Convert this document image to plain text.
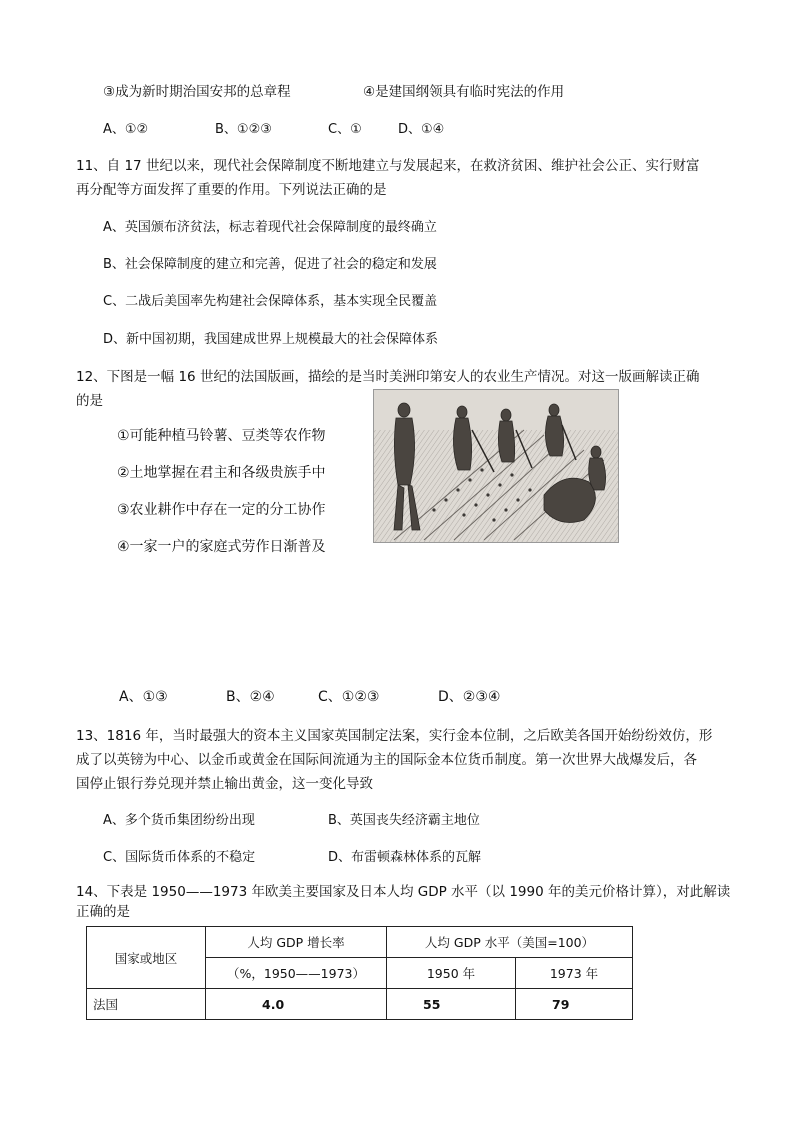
③成为新时期治国安邦的总章程	④是建国纲领具有临时宪法的作用
A、①②	B、①②③	C、①	D、①④
11、自 17 世纪以来，现代社会保障制度不断地建立与发展起来，在救济贫困、维护社会公正、实行财富
再分配等方面发挥了重要的作用。下列说法正确的是
A、英国颁布济贫法，标志着现代社会保障制度的最终确立
B、社会保障制度的建立和完善，促进了社会的稳定和发展
C、二战后美国率先构建社会保障体系，基本实现全民覆盖
D、新中国初期，我国建成世界上规模最大的社会保障体系
12、下图是一幅 16 世纪的法国版画，描绘的是当时美洲印第安人的农业生产情况。对这一版画解读正确
的是
①可能种植马铃薯、豆类等农作物
②土地掌握在君主和各级贵族手中
③农业耕作中存在一定的分工协作
④一家一户的家庭式劳作日渐普及
A、①③	B、②④	C、①②③	D、②③④
13、1816 年，当时最强大的资本主义国家英国制定法案，实行金本位制，之后欧美各国开始纷纷效仿，形
成了以英镑为中心、以金币或黄金在国际间流通为主的国际金本位货币制度。第一次世界大战爆发后，各
国停止银行券兑现并禁止输出黄金，这一变化导致
A、多个货币集团纷纷出现	B、英国丧失经济霸主地位
C、国际货币体系的不稳定	D、布雷顿森林体系的瓦解
14、下表是 1950——1973 年欧美主要国家及日本人均 GDP 水平（以 1990 年的美元价格计算），对此解读
正确的是
国家或地区	人均 GDP 增长率	人均 GDP 水平（美国=100）	
	（%，1950——1973）	1950 年	1973 年
法国	4.0	55	79
